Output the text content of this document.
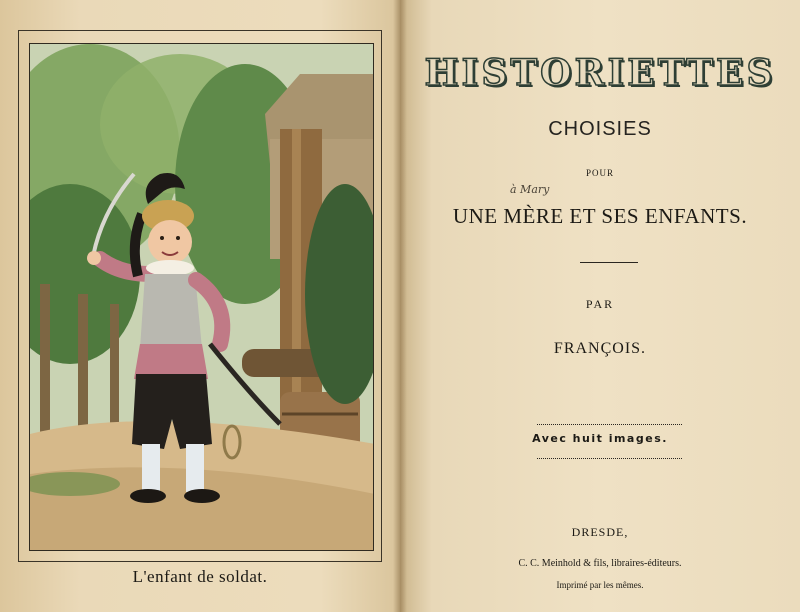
L'enfant de soldat.
HISTORIETTES
CHOISIES
POUR
à Mary
UNE MÈRE ET SES ENFANTS.
PAR
FRANÇOIS.
Avec huit images.
DRESDE,
C. C. Meinhold & fils, libraires-éditeurs.
Imprimé par les mêmes.
